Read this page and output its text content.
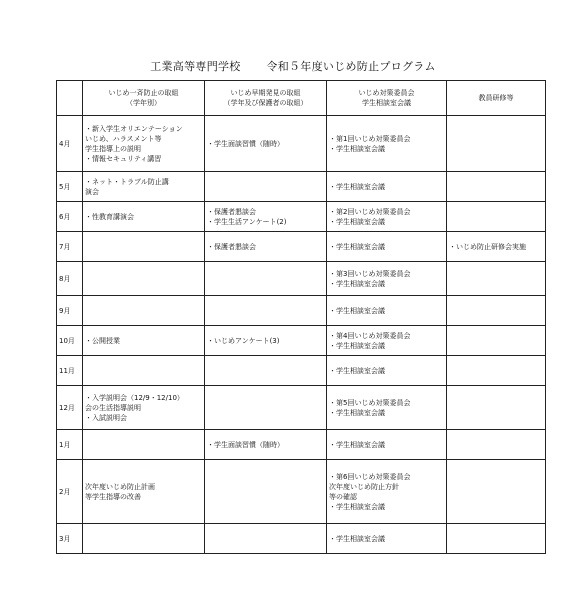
工業高等専門学校 令和５年度いじめ防止プログラム

	いじめ一斉防止の取組
（学年別）	いじめ早期発見の取組
（学年及び保護者の取組）	いじめ対策委員会
学生相談室会議	教員研修等

4月	・新入学生オリエンテーション
いじめ、ハラスメント等
学生指導上の説明
・情報セキュリティ講習	・学生面談習慣（随時）	・第1回いじめ対策委員会
・学生相談室会議	

5月	・ネット・トラブル防止講
演会		・学生相談室会議	

6月	・性教育講演会	・保護者懇談会
・学生生活アンケート(2)	・第2回いじめ対策委員会
・学生相談室会議	

7月		・保護者懇談会	・学生相談室会議	・いじめ防止研修会実施

8月			・第3回いじめ対策委員会
・学生相談室会議	

9月			・学生相談室会議	

10月	・公開授業	・いじめアンケート(3)	・第4回いじめ対策委員会
・学生相談室会議	

11月			・学生相談室会議	

12月	・入学説明会（12/9・12/10）
会の生活指導説明
・入試説明会		・第5回いじめ対策委員会
・学生相談室会議	

1月		・学生面談習慣（随時）	・学生相談室会議	

2月	次年度いじめ防止計画
等学生指導の改善		・第6回いじめ対策委員会
次年度いじめ防止方針
等の確認
・学生相談室会議	

3月			・学生相談室会議	
